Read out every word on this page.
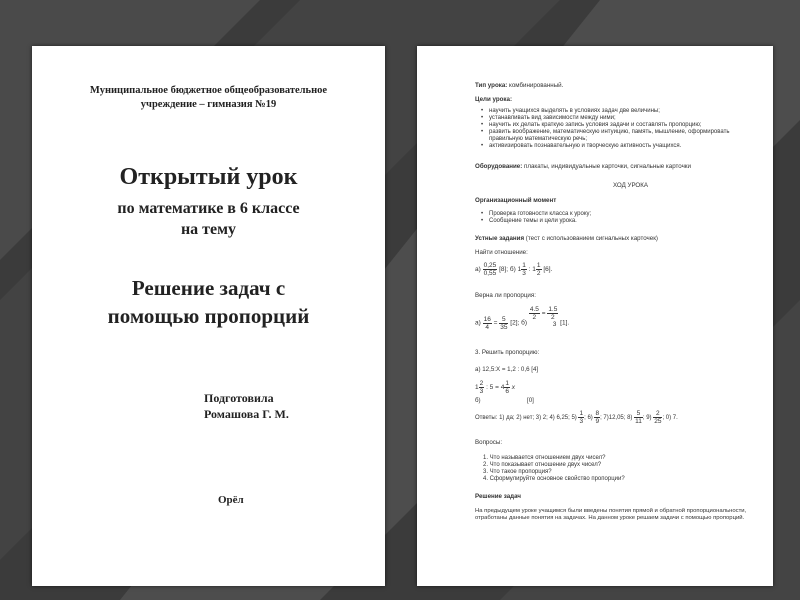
Муниципальное бюджетное общеобразовательное
учреждение – гимназия №19
Открытый урок
по математике в 6 классе
на тему
Решение задач с
помощью пропорций
Подготовила
Ромашова Г. М.
Орёл
Тип урока: комбинированный.
Цели урока:
• научить учащихся выделять в условиях задач две величины;
• устанавливать вид зависимости между ними;
• научить их делать краткую запись условия задачи и составлять пропорцию;
• развить воображение, математическую интуицию, память, мышление, оформировать
правильную математическую речь;
• активизировать познавательную и творческую активность учащихся.
Оборудование: плакаты, индивидуальные карточки, сигнальные карточки
ХОД УРОКА
Организационный момент
• Проверка готовности класса к уроку;
• Сообщение темы и цели урока.
Устные задания (тест с использованием сигнальных карточек)
Найти отношение:
$а) \frac{0,25}{0,55} [8]$; б) $1 \frac{1}{3}$ : $1 \frac{1}{2} [6]$.
Верна ли пропорция:
$а) \frac{16}{4} = \frac{5}{35} [2]$; б)
$\frac{4.5}{2} = \frac{1.5}{2}$
3 [1].
3. Решить пропорцию:
а) 12,5:X = 1,2 : 0,6 [4]
$1 \frac{2}{3}$ : $5 = 4 \frac{1}{6}$ x
б)	[0]
Ответы: 1) да; 2) нет; 3) 2; 4) 6,25; $5) \frac{1}{3}$ ; $6) \frac{8}{9}$ ; 7)12,05; $8) \frac{5}{11}$ ; $9) \frac{2}{25}$ ; 0) 7.
Вопросы:
1. Что называется отношением двух чисел?
2. Что показывает отношение двух чисел?
3. Что такое пропорция?
4. Сформулируйте основное свойство пропорции?
Решение задач
На предыдущем уроке учащимся были введены понятия прямой и обратной пропорциональности,
отработаны данные понятия на задачах. На данном уроке решаем задачи с помощью пропорций.
